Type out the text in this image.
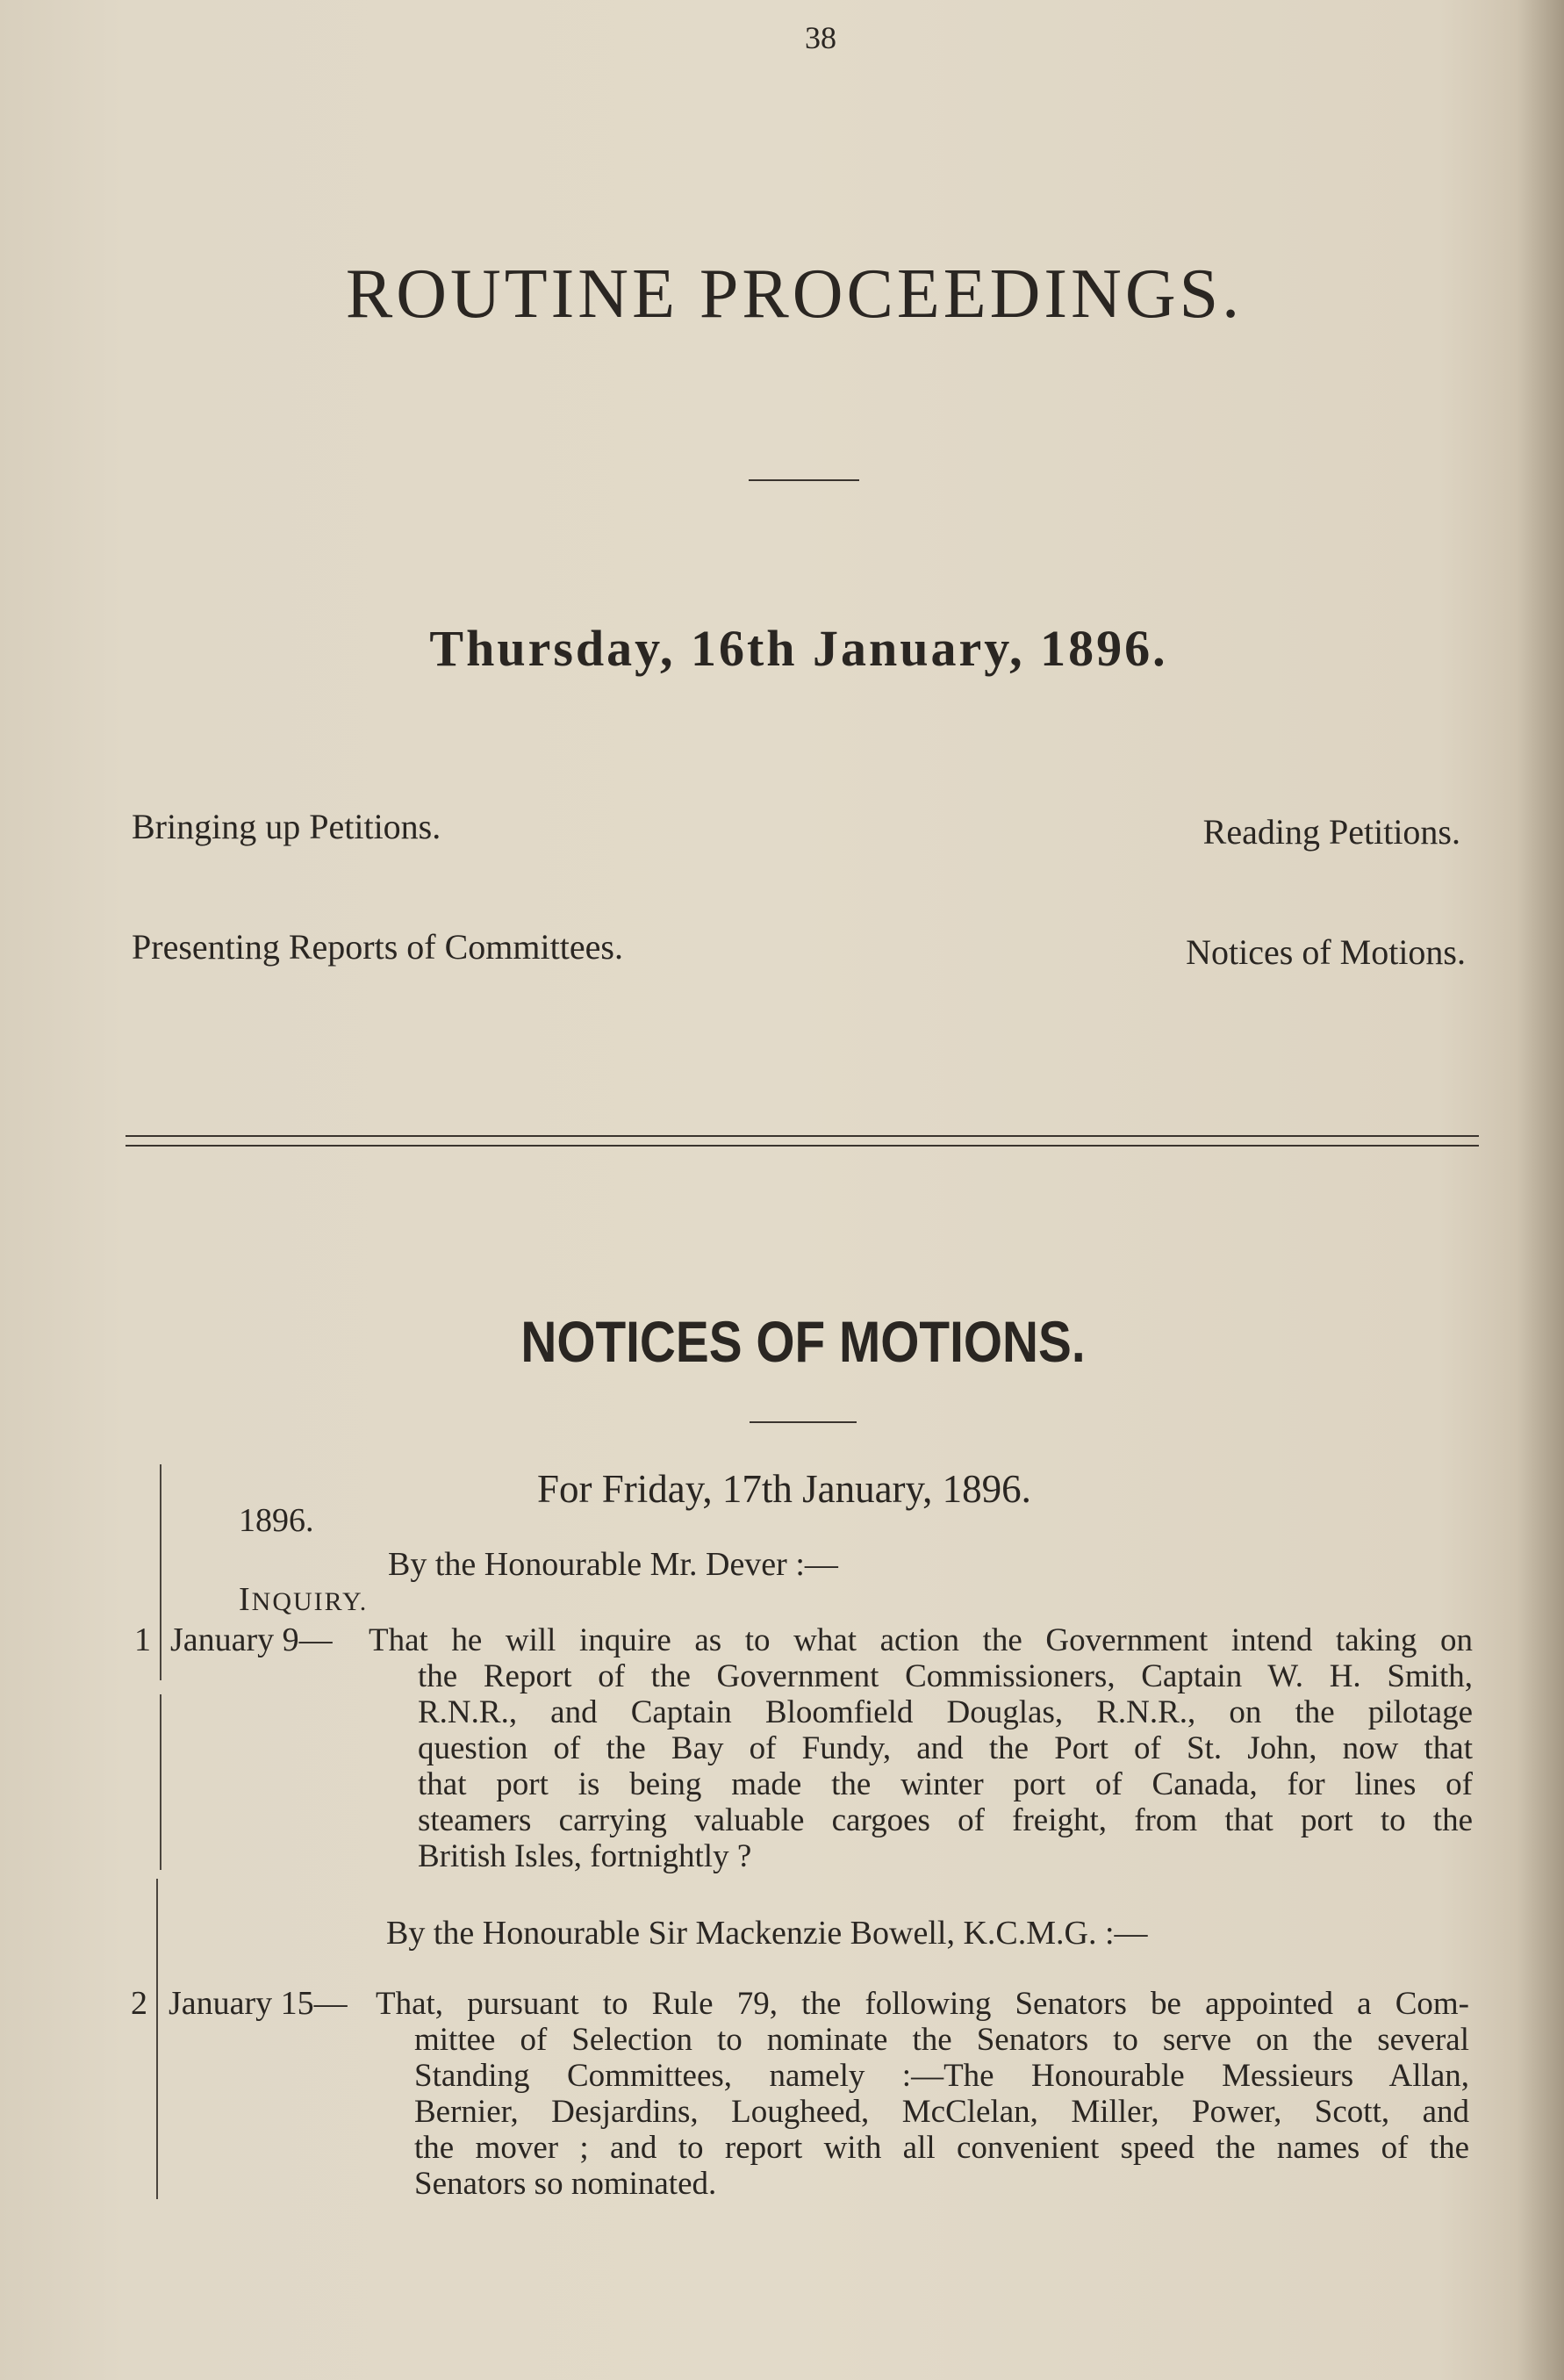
38
ROUTINE PROCEEDINGS.
Thursday, 16th January, 1896.
Bringing up Petitions.	Reading Petitions.
Presenting Reports of Committees.	Notices of Motions.
NOTICES OF MOTIONS.
For Friday, 17th January, 1896.
1896.
By the Honourable Mr. Dever :—
INQUIRY.
1 January 9— That he will inquire as to what action the Government intend taking on
the Report of the Government Commissioners, Captain W. H. Smith,
R.N.R., and Captain Bloomfield Douglas, R.N.R., on the pilotage
question of the Bay of Fundy, and the Port of St. John, now that
that port is being made the winter port of Canada, for lines of
steamers carrying valuable cargoes of freight, from that port to the
British Isles, fortnightly ?
By the Honourable Sir Mackenzie Bowell, K.C.M.G. :—
2 January 15— That, pursuant to Rule 79, the following Senators be appointed a Com-
mittee of Selection to nominate the Senators to serve on the several
Standing Committees, namely :—The Honourable Messieurs Allan,
Bernier, Desjardins, Lougheed, McClelan, Miller, Power, Scott, and
the mover ; and to report with all convenient speed the names of the
Senators so nominated.
